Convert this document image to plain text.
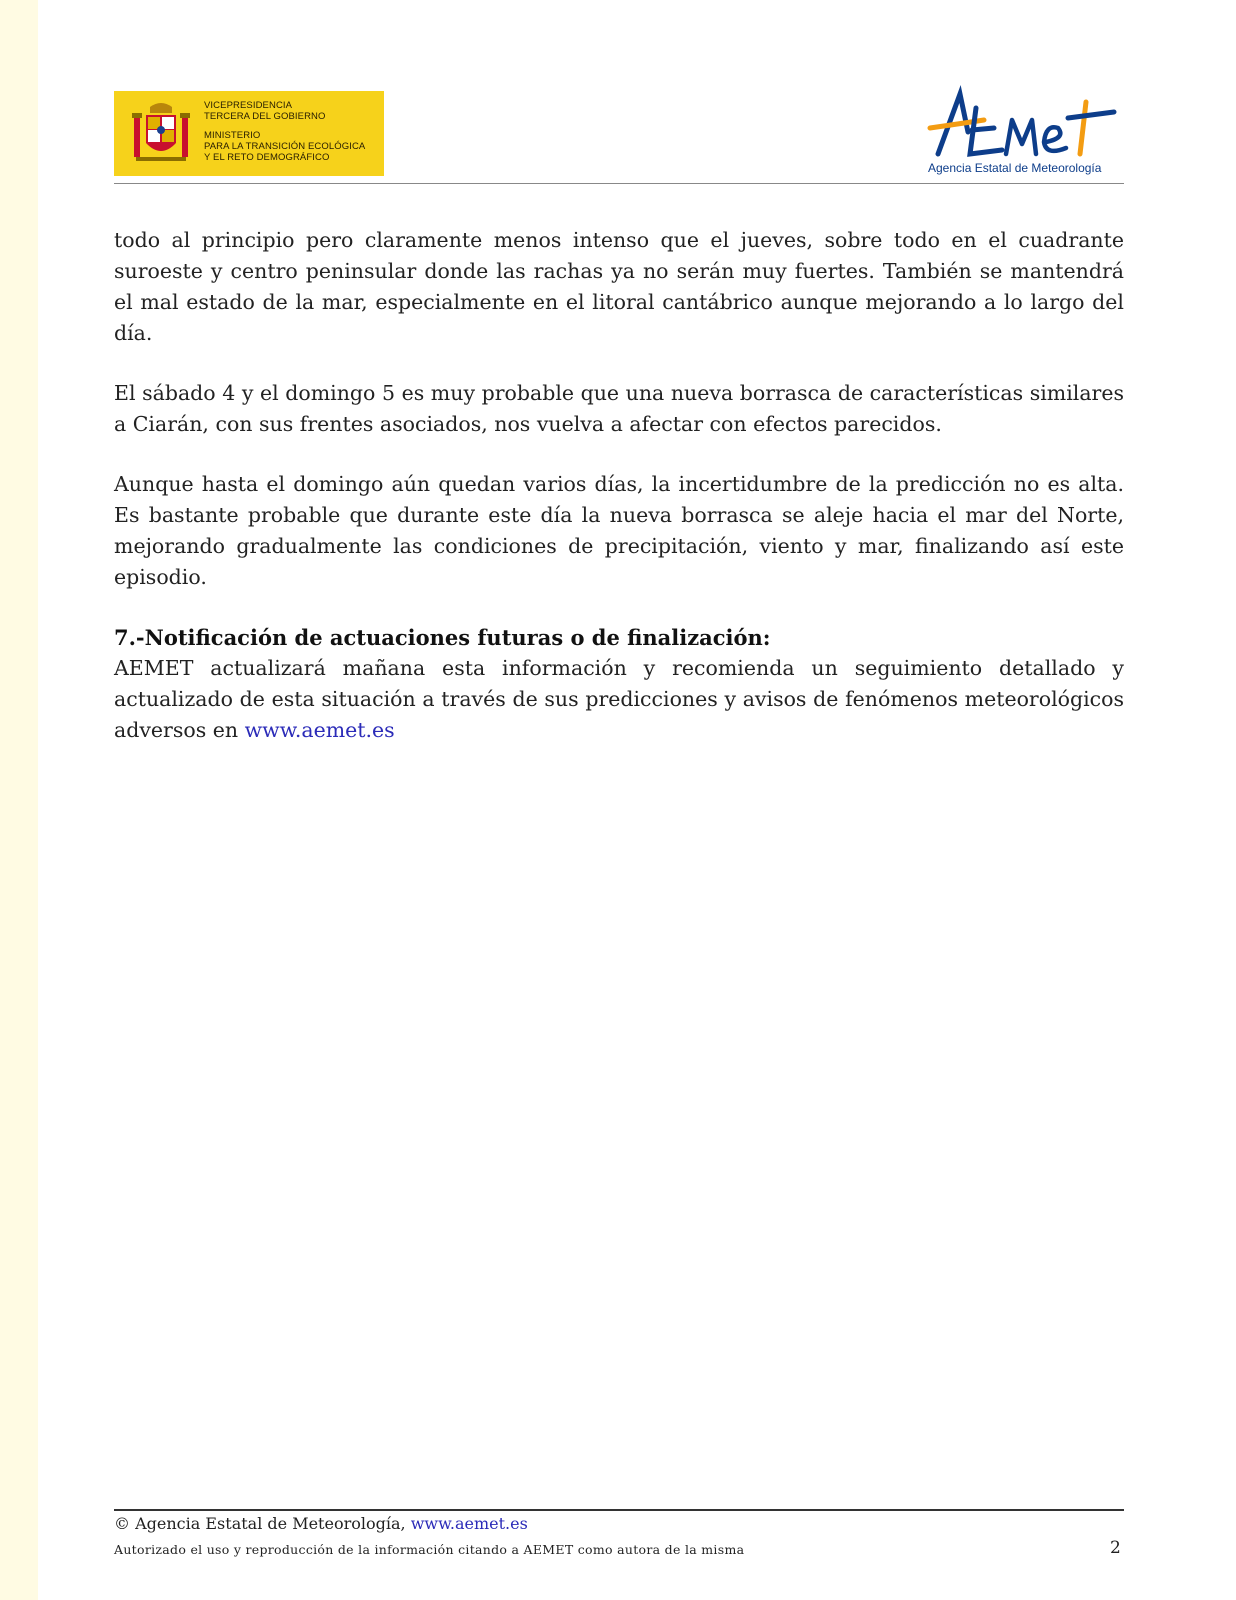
VICEPRESIDENCIA
TERCERA DEL GOBIERNO
MINISTERIO
PARA LA TRANSICIÓN ECOLÓGICA
Y EL RETO DEMOGRÁFICO
Agencia Estatal de Meteorología

todo al principio pero claramente menos intenso que el jueves, sobre todo en el cuadrante suroeste y centro peninsular donde las rachas ya no serán muy fuertes. También se mantendrá el mal estado de la mar, especialmente en el litoral cantábrico aunque mejorando a lo largo del día.

El sábado 4 y el domingo 5 es muy probable que una nueva borrasca de características similares a Ciarán, con sus frentes asociados, nos vuelva a afectar con efectos parecidos.

Aunque hasta el domingo aún quedan varios días, la incertidumbre de la predicción no es alta. Es bastante probable que durante este día la nueva borrasca se aleje hacia el mar del Norte, mejorando gradualmente las condiciones de precipitación, viento y mar, finalizando así este episodio.

7.-Notificación de actuaciones futuras o de finalización:

AEMET actualizará mañana esta información y recomienda un seguimiento detallado y actualizado de esta situación a través de sus predicciones y avisos de fenómenos meteorológicos adversos en www.aemet.es

© Agencia Estatal de Meteorología, www.aemet.es
Autorizado el uso y reproducción de la información citando a AEMET como autora de la misma	2
